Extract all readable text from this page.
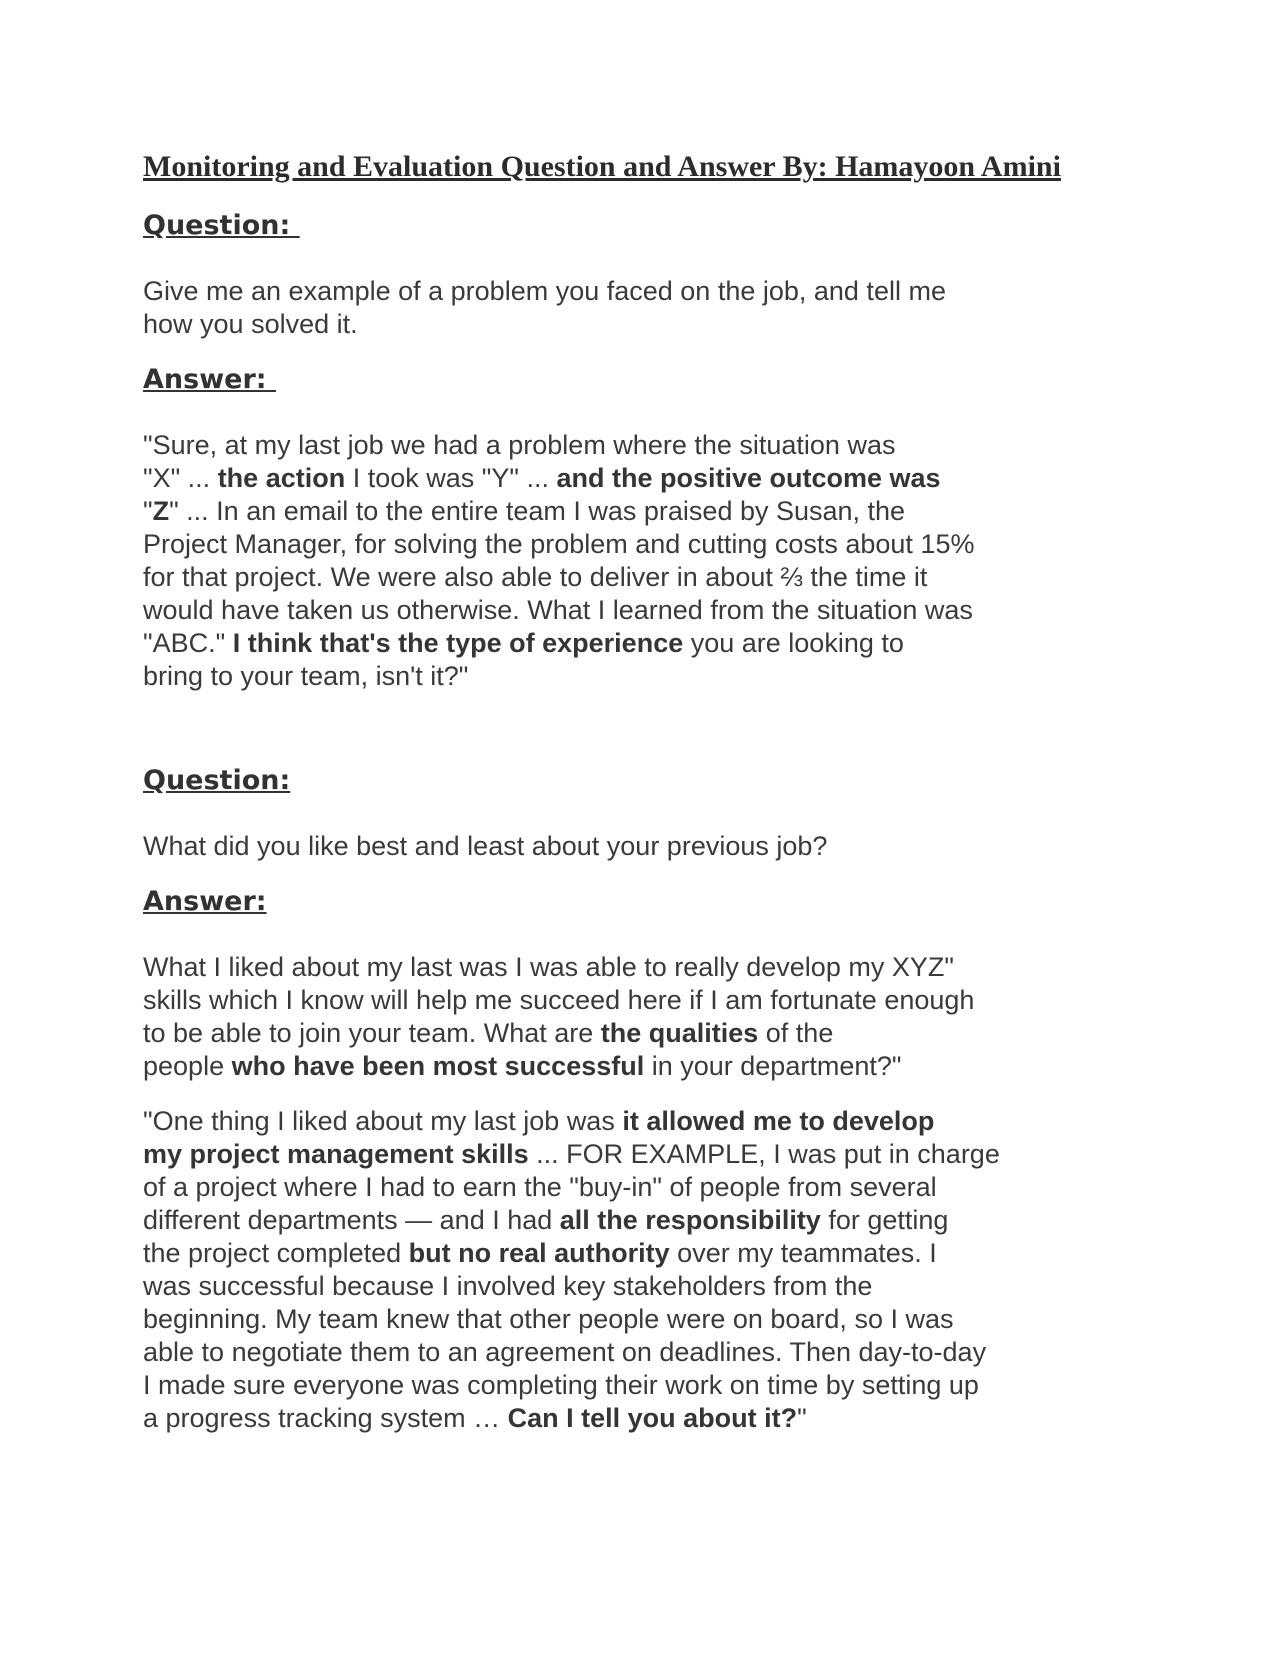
Monitoring and Evaluation Question and Answer By: Hamayoon Amini
Question:

Give me an example of a problem you faced on the job, and tell me
how you solved it.

Answer:

"Sure, at my last job we had a problem where the situation was
"X" ... the action I took was "Y" ... and the positive outcome was
"Z" ... In an email to the entire team I was praised by Susan, the
Project Manager, for solving the problem and cutting costs about 15%
for that project. We were also able to deliver in about ⅔ the time it
would have taken us otherwise. What I learned from the situation was
"ABC." I think that's the type of experience you are looking to
bring to your team, isn't it?"

Question:

What did you like best and least about your previous job?

Answer:

What I liked about my last was I was able to really develop my XYZ"
skills which I know will help me succeed here if I am fortunate enough
to be able to join your team. What are the qualities of the
people who have been most successful in your department?"

"One thing I liked about my last job was it allowed me to develop
my project management skills ... FOR EXAMPLE, I was put in charge
of a project where I had to earn the "buy-in" of people from several
different departments — and I had all the responsibility for getting
the project completed but no real authority over my teammates. I
was successful because I involved key stakeholders from the
beginning. My team knew that other people were on board, so I was
able to negotiate them to an agreement on deadlines. Then day-to-day
I made sure everyone was completing their work on time by setting up
a progress tracking system … Can I tell you about it?"
